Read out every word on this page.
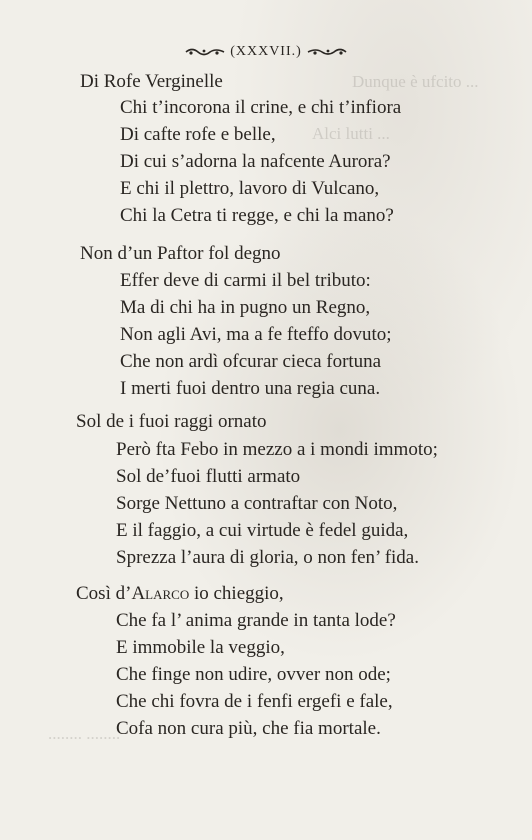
Dunque è ufcito ...
Alci lutti ...
........ ........
(XXXVII.)
Di Rofe Verginelle
Chi t’incorona il crine, e chi t’infiora
Di cafte rofe e belle,
Di cui s’adorna la nafcente Aurora?
E chi il plettro, lavoro di Vulcano,
Chi la Cetra ti regge, e chi la mano?
Non d’un Paftor fol degno
Effer deve di carmi il bel tributo:
Ma di chi ha in pugno un Regno,
Non agli Avi, ma a fe fteffo dovuto;
Che non ardì ofcurar cieca fortuna
I merti fuoi dentro una regia cuna.
Sol de i fuoi raggi ornato
Però fta Febo in mezzo a i mondi immoto;
Sol de’fuoi flutti armato
Sorge Nettuno a contraftar con Noto,
E il faggio, a cui virtude è fedel guida,
Sprezza l’aura di gloria, o non fen’ fida.
Così d’Alarco io chieggio,
Che fa l’ anima grande in tanta lode?
E immobile la veggio,
Che finge non udire, ovver non ode;
Che chi fovra de i fenfi ergefi e fale,
Cofa non cura più, che fia mortale.
